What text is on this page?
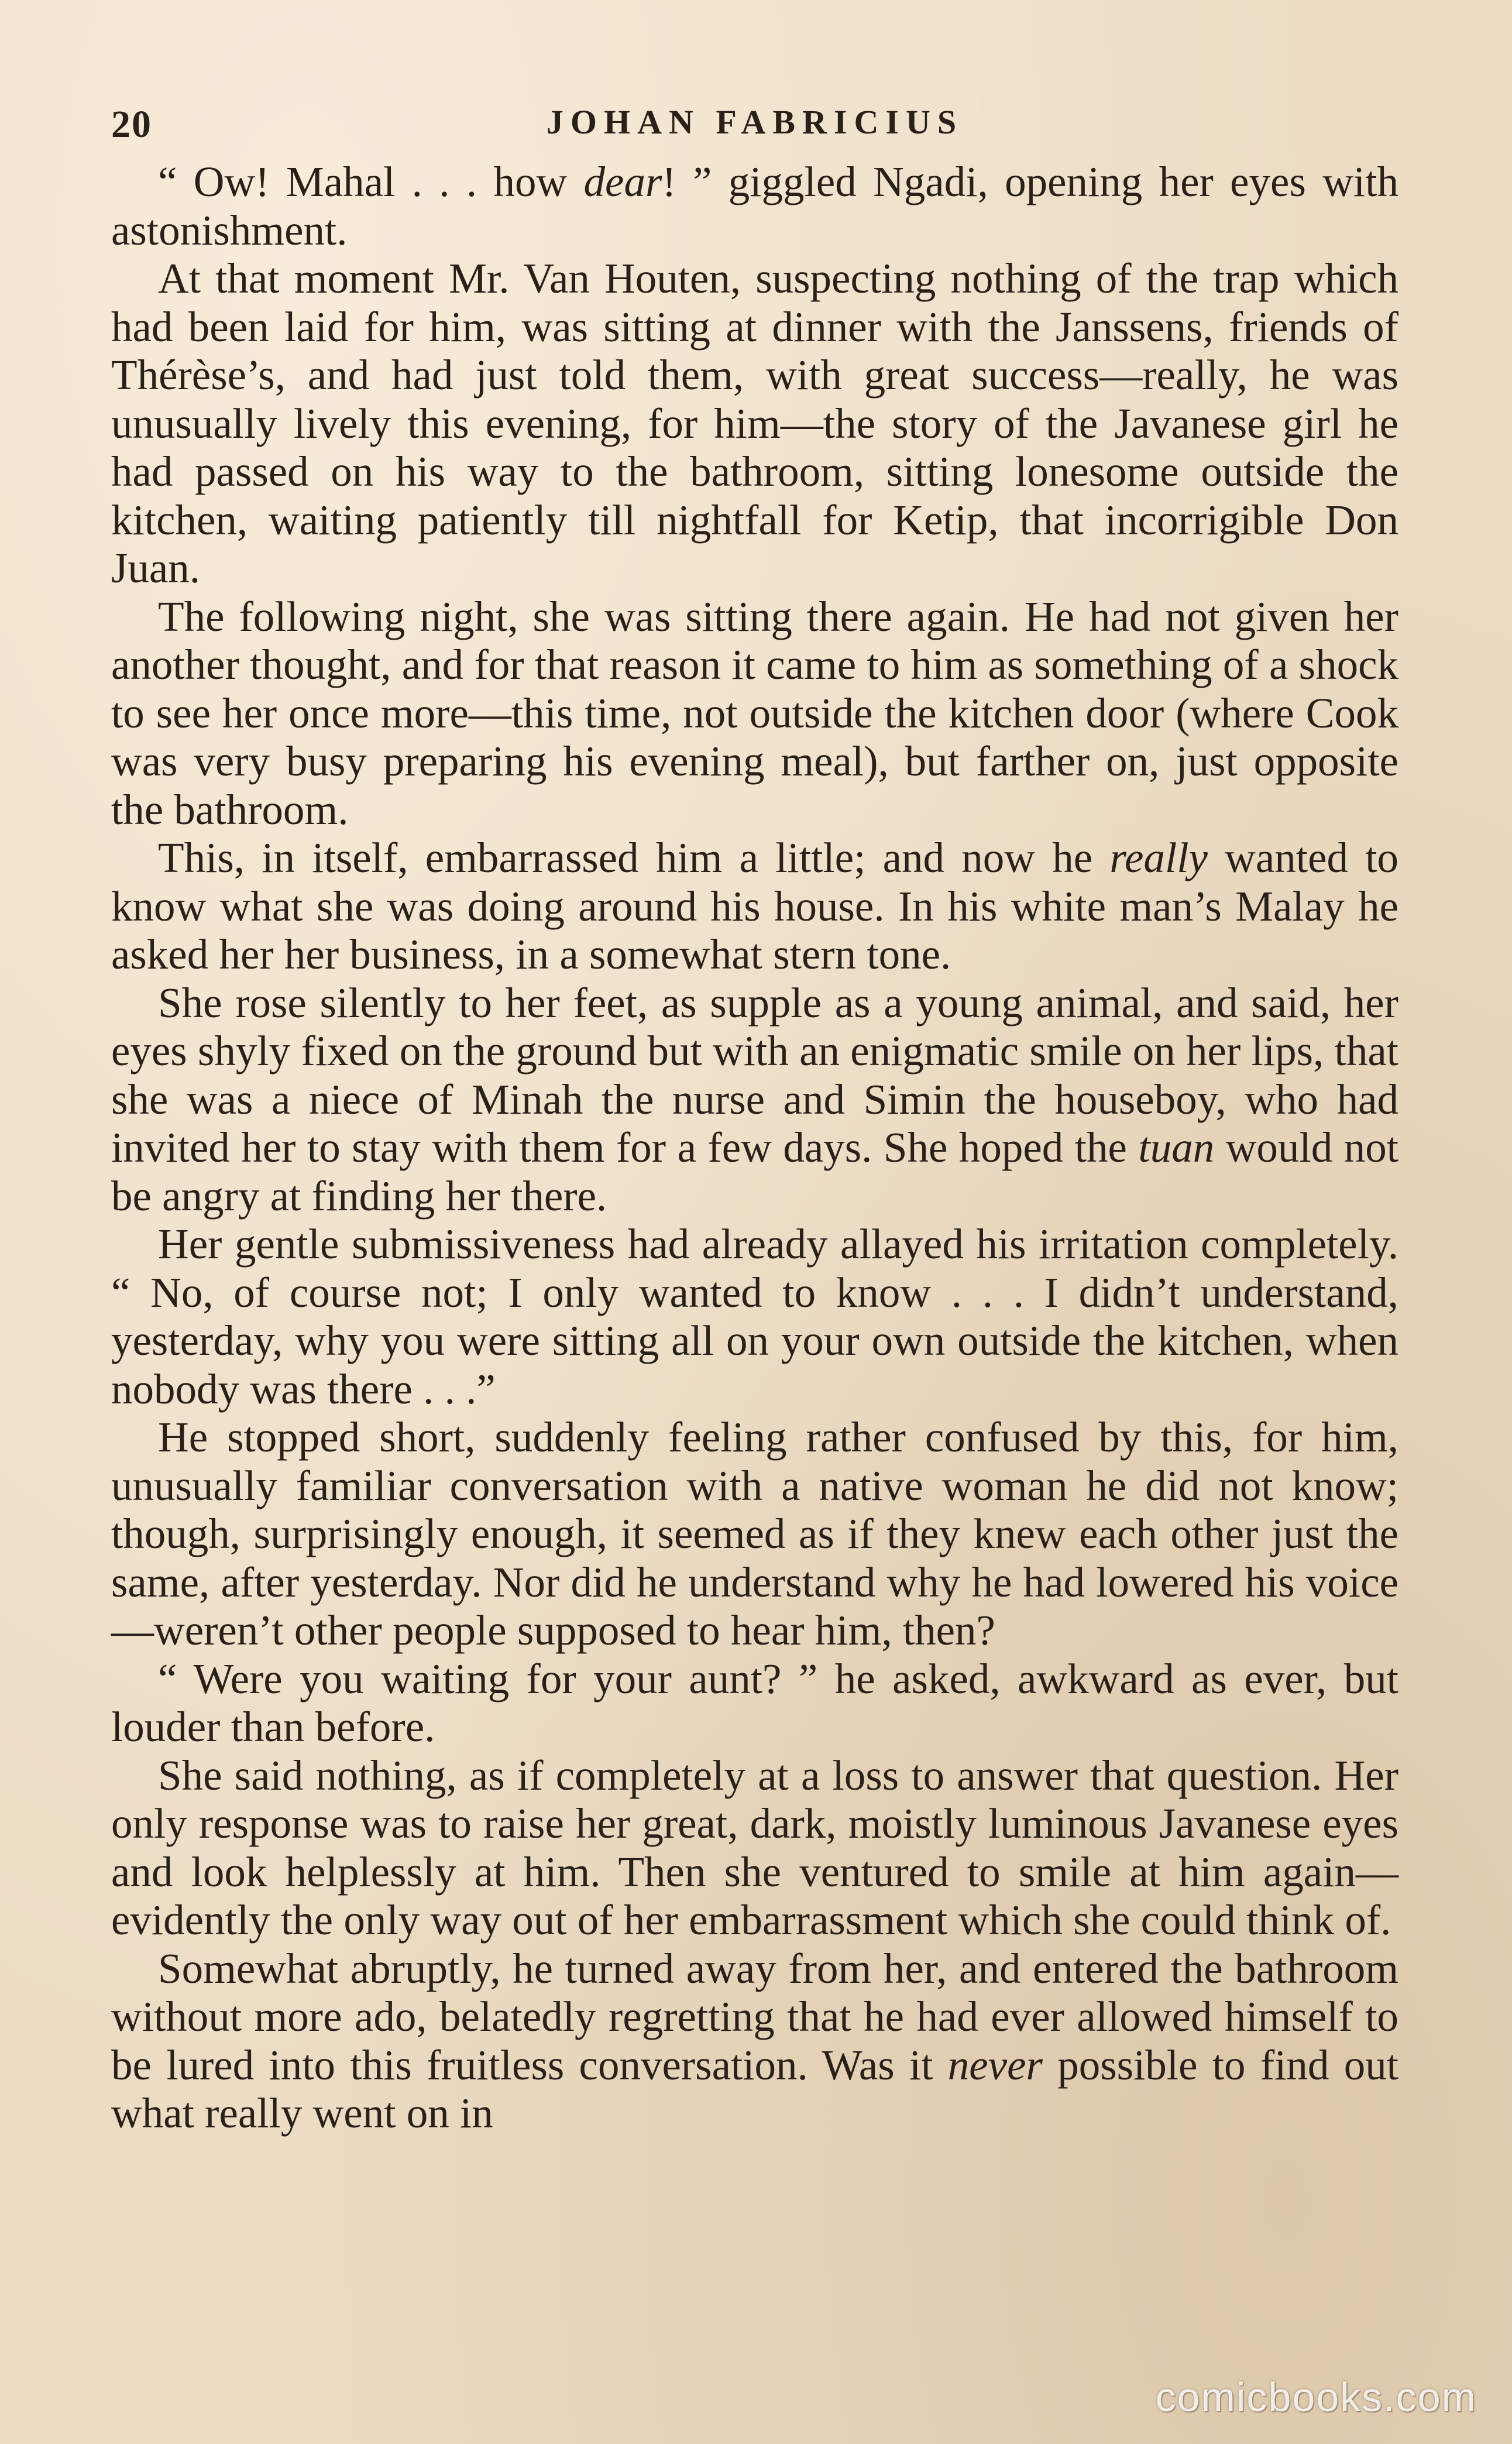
20	JOHAN FABRICIUS

“ Ow! Mahal . . . how dear! ” giggled Ngadi, opening her eyes with astonishment.

At that moment Mr. Van Houten, suspecting nothing of the trap which had been laid for him, was sitting at dinner with the Janssens, friends of Thérèse’s, and had just told them, with great success—really, he was unusually lively this evening, for him—the story of the Javanese girl he had passed on his way to the bathroom, sitting lonesome outside the kitchen, waiting patiently till nightfall for Ketip, that incorrigible Don Juan.

The following night, she was sitting there again. He had not given her another thought, and for that reason it came to him as something of a shock to see her once more—this time, not outside the kitchen door (where Cook was very busy preparing his evening meal), but farther on, just opposite the bathroom.

This, in itself, embarrassed him a little; and now he really wanted to know what she was doing around his house. In his white man’s Malay he asked her her business, in a somewhat stern tone.

She rose silently to her feet, as supple as a young animal, and said, her eyes shyly fixed on the ground but with an enigmatic smile on her lips, that she was a niece of Minah the nurse and Simin the houseboy, who had invited her to stay with them for a few days. She hoped the tuan would not be angry at finding her there.

Her gentle submissiveness had already allayed his irritation completely. “ No, of course not; I only wanted to know . . . I didn’t understand, yesterday, why you were sitting all on your own outside the kitchen, when nobody was there . . .”

He stopped short, suddenly feeling rather confused by this, for him, unusually familiar conversation with a native woman he did not know; though, surprisingly enough, it seemed as if they knew each other just the same, after yesterday. Nor did he understand why he had lowered his voice—weren’t other people supposed to hear him, then?

“ Were you waiting for your aunt? ” he asked, awkward as ever, but louder than before.

She said nothing, as if completely at a loss to answer that question. Her only response was to raise her great, dark, moistly luminous Javanese eyes and look helplessly at him. Then she ventured to smile at him again—evidently the only way out of her embarrassment which she could think of.

Somewhat abruptly, he turned away from her, and entered the bathroom without more ado, belatedly regretting that he had ever allowed himself to be lured into this fruitless conversation. Was it never possible to find out what really went on in

comicbooks.com
